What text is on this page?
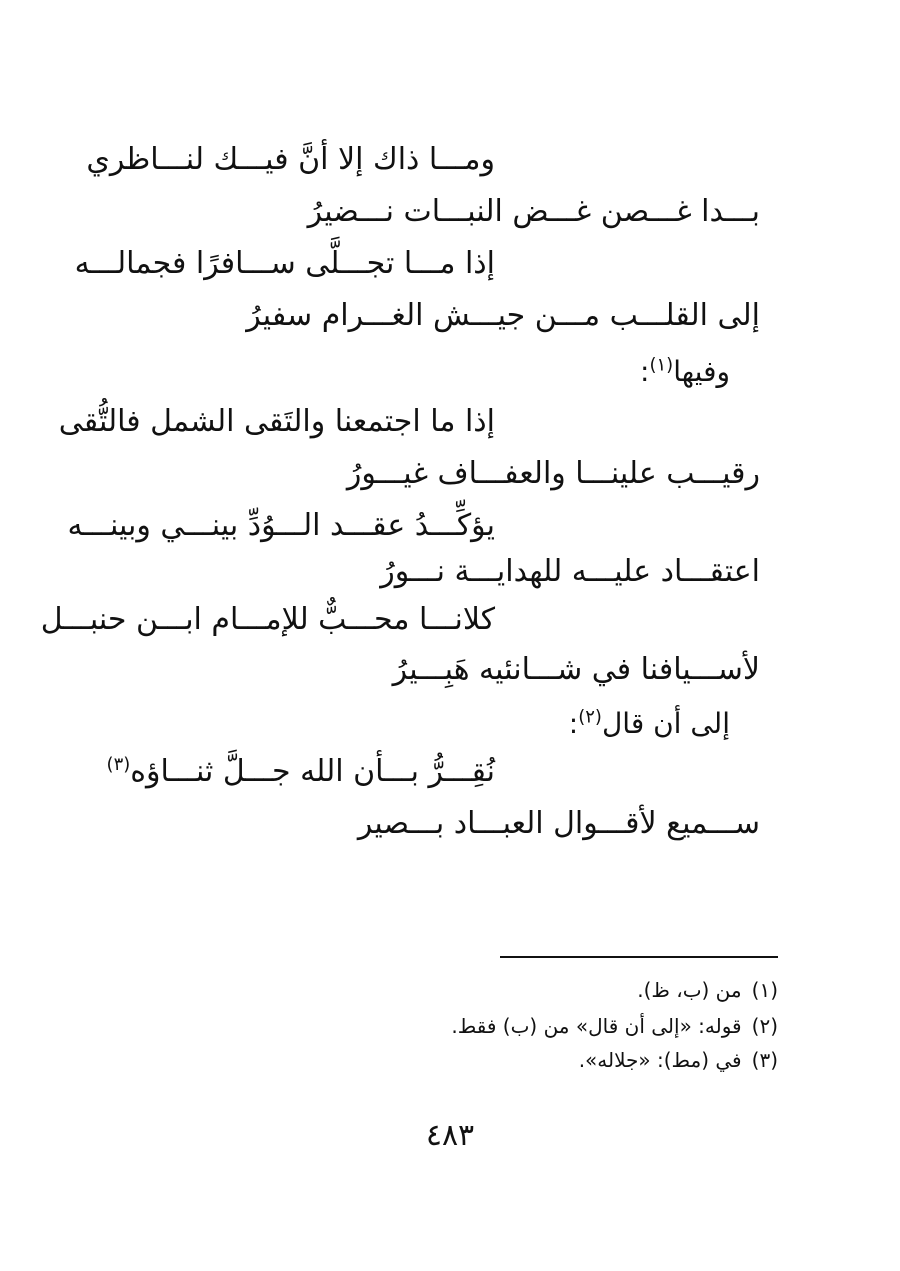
ومـــا ذاك إلا أنَّ فيـــك لنـــاظري
بـــدا غـــصن غـــض النبـــات نـــضيرُ
إذا مـــا تجـــلَّى ســـافرًا فجمالـــه
إلى القلـــب مـــن جيـــش الغـــرام سفيرُ
وفيها$^{(١)}$:
إذا ما اجتمعنا والتَقى الشمل فالتُّقى
رقيـــب علينـــا والعفـــاف غيـــورُ
يؤكِّـــدُ عقـــد الـــوُدِّ بينـــي وبينـــه
اعتقـــاد عليـــه للهدايـــة نـــورُ
كلانـــا محـــبٌّ للإمـــام ابـــن حنبـــل
لأســـيافنا في شـــانئيه هَبِـــيرُ
إلى أن قال$^{(٢)}$:
نُقِـــرُّ بـــأن الله جـــلَّ ثنـــاؤه$^{(٣)}$
ســـميع لأقـــوال العبـــاد بـــصير
(١)من (ب، ظ).
(٢)قوله: «إلى أن قال» من (ب) فقط.
(٣)في (مط): «جلاله».
٤٨٣
